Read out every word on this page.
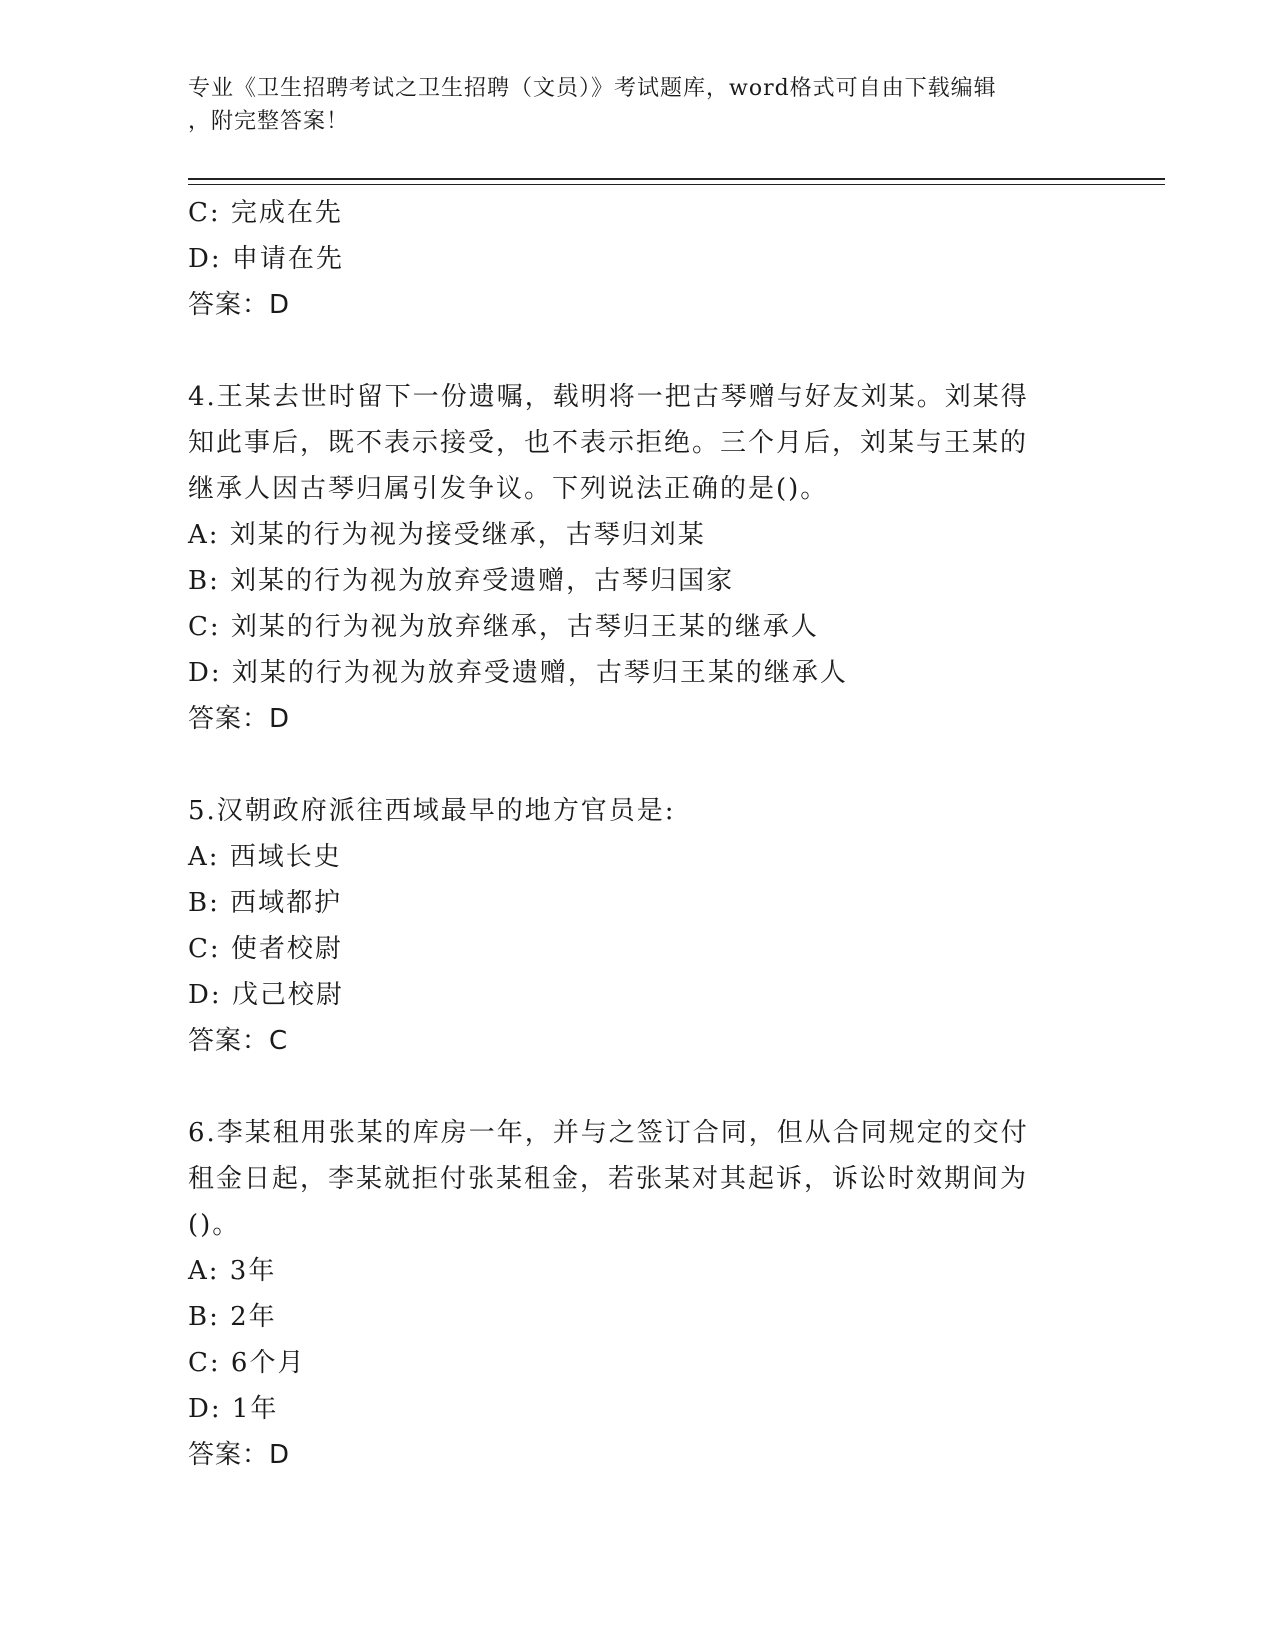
专业《卫生招聘考试之卫生招聘（文员）》考试题库，word格式可自由下载编辑
，附完整答案！
C: 完成在先
D: 申请在先
答案：D
4.王某去世时留下一份遗嘱，载明将一把古琴赠与好友刘某。刘某得
知此事后，既不表示接受，也不表示拒绝。三个月后，刘某与王某的
继承人因古琴归属引发争议。下列说法正确的是()。
A: 刘某的行为视为接受继承，古琴归刘某
B: 刘某的行为视为放弃受遗赠，古琴归国家
C: 刘某的行为视为放弃继承，古琴归王某的继承人
D: 刘某的行为视为放弃受遗赠，古琴归王某的继承人
答案：D
5.汉朝政府派往西域最早的地方官员是:
A: 西域长史
B: 西域都护
C: 使者校尉
D: 戊己校尉
答案：C
6.李某租用张某的库房一年，并与之签订合同，但从合同规定的交付
租金日起，李某就拒付张某租金，若张某对其起诉，诉讼时效期间为
()。
A: 3年
B: 2年
C: 6个月
D: 1年
答案：D
